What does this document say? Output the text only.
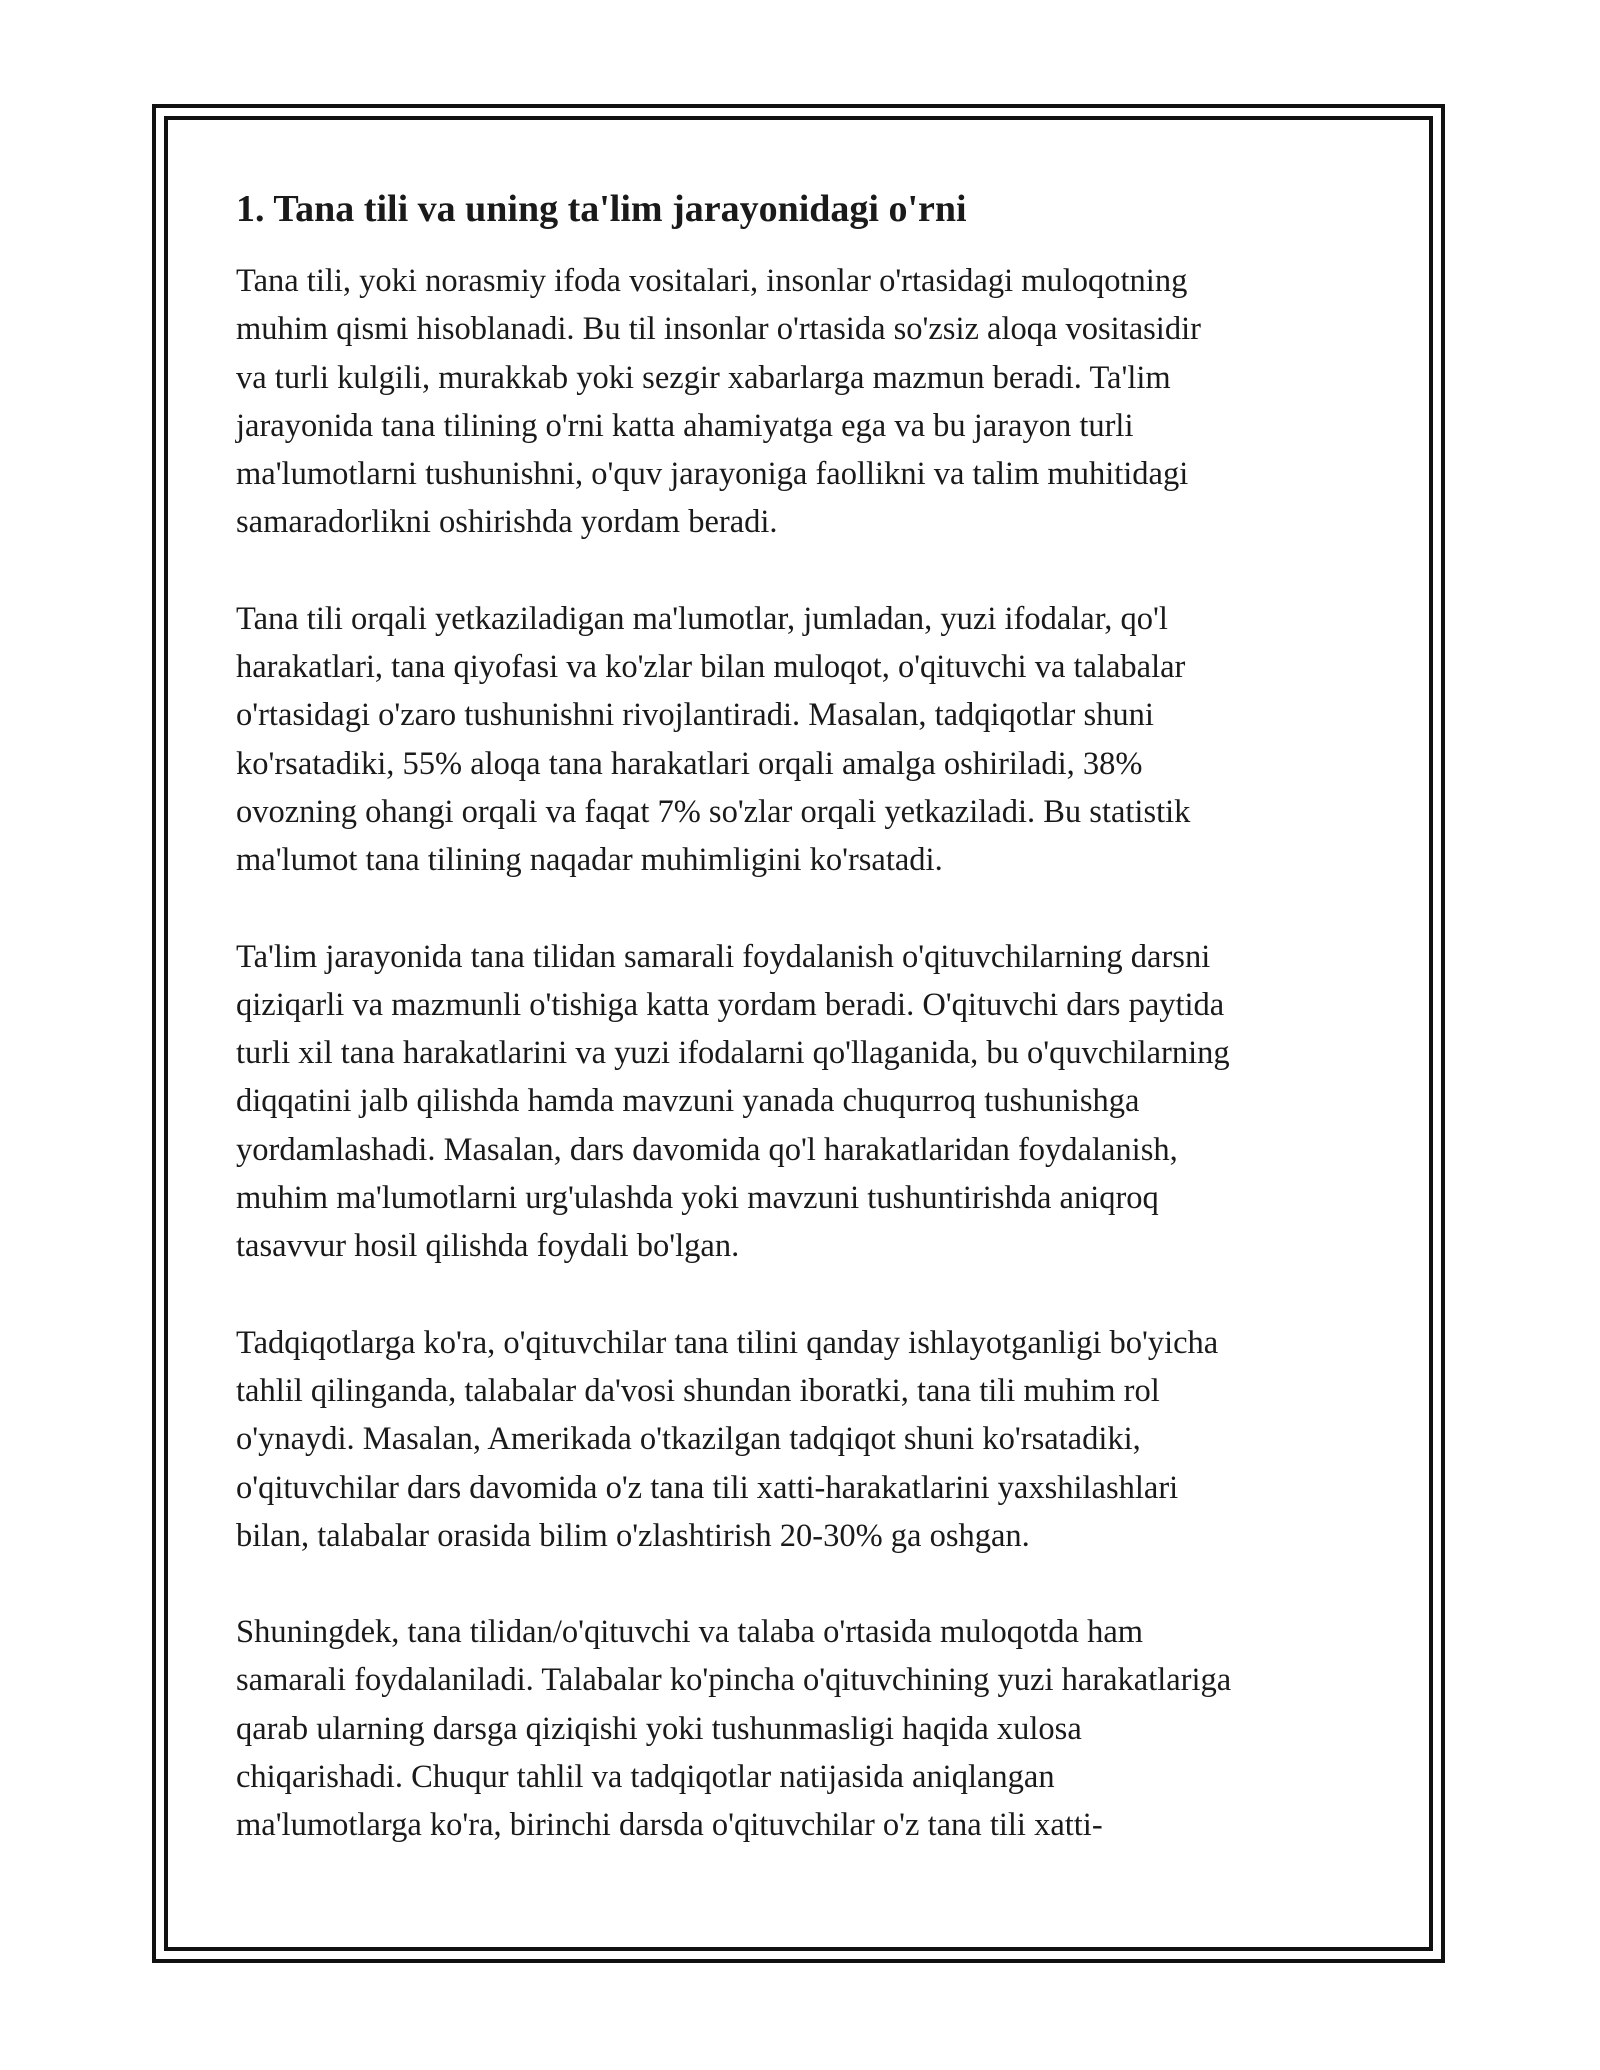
1. Tana tili va uning ta'lim jarayonidagi o'rni

Tana tili, yoki norasmiy ifoda vositalari, insonlar o'rtasidagi muloqotning
muhim qismi hisoblanadi. Bu til insonlar o'rtasida so'zsiz aloqa vositasidir
va turli kulgili, murakkab yoki sezgir xabarlarga mazmun beradi. Ta'lim
jarayonida tana tilining o'rni katta ahamiyatga ega va bu jarayon turli
ma'lumotlarni tushunishni, o'quv jarayoniga faollikni va talim muhitidagi
samaradorlikni oshirishda yordam beradi.

Tana tili orqali yetkaziladigan ma'lumotlar, jumladan, yuzi ifodalar, qo'l
harakatlari, tana qiyofasi va ko'zlar bilan muloqot, o'qituvchi va talabalar
o'rtasidagi o'zaro tushunishni rivojlantiradi. Masalan, tadqiqotlar shuni
ko'rsatadiki, 55% aloqa tana harakatlari orqali amalga oshiriladi, 38%
ovozning ohangi orqali va faqat 7% so'zlar orqali yetkaziladi. Bu statistik
ma'lumot tana tilining naqadar muhimligini ko'rsatadi.

Ta'lim jarayonida tana tilidan samarali foydalanish o'qituvchilarning darsni
qiziqarli va mazmunli o'tishiga katta yordam beradi. O'qituvchi dars paytida
turli xil tana harakatlarini va yuzi ifodalarni qo'llaganida, bu o'quvchilarning
diqqatini jalb qilishda hamda mavzuni yanada chuqurroq tushunishga
yordamlashadi. Masalan, dars davomida qo'l harakatlaridan foydalanish,
muhim ma'lumotlarni urg'ulashda yoki mavzuni tushuntirishda aniqroq
tasavvur hosil qilishda foydali bo'lgan.

Tadqiqotlarga ko'ra, o'qituvchilar tana tilini qanday ishlayotganligi bo'yicha
tahlil qilinganda, talabalar da'vosi shundan iboratki, tana tili muhim rol
o'ynaydi. Masalan, Amerikada o'tkazilgan tadqiqot shuni ko'rsatadiki,
o'qituvchilar dars davomida o'z tana tili xatti-harakatlarini yaxshilashlari
bilan, talabalar orasida bilim o'zlashtirish 20-30% ga oshgan.

Shuningdek, tana tilidan/o'qituvchi va talaba o'rtasida muloqotda ham
samarali foydalaniladi. Talabalar ko'pincha o'qituvchining yuzi harakatlariga
qarab ularning darsga qiziqishi yoki tushunmasligi haqida xulosa
chiqarishadi. Chuqur tahlil va tadqiqotlar natijasida aniqlangan
ma'lumotlarga ko'ra, birinchi darsda o'qituvchilar o'z tana tili xatti-
